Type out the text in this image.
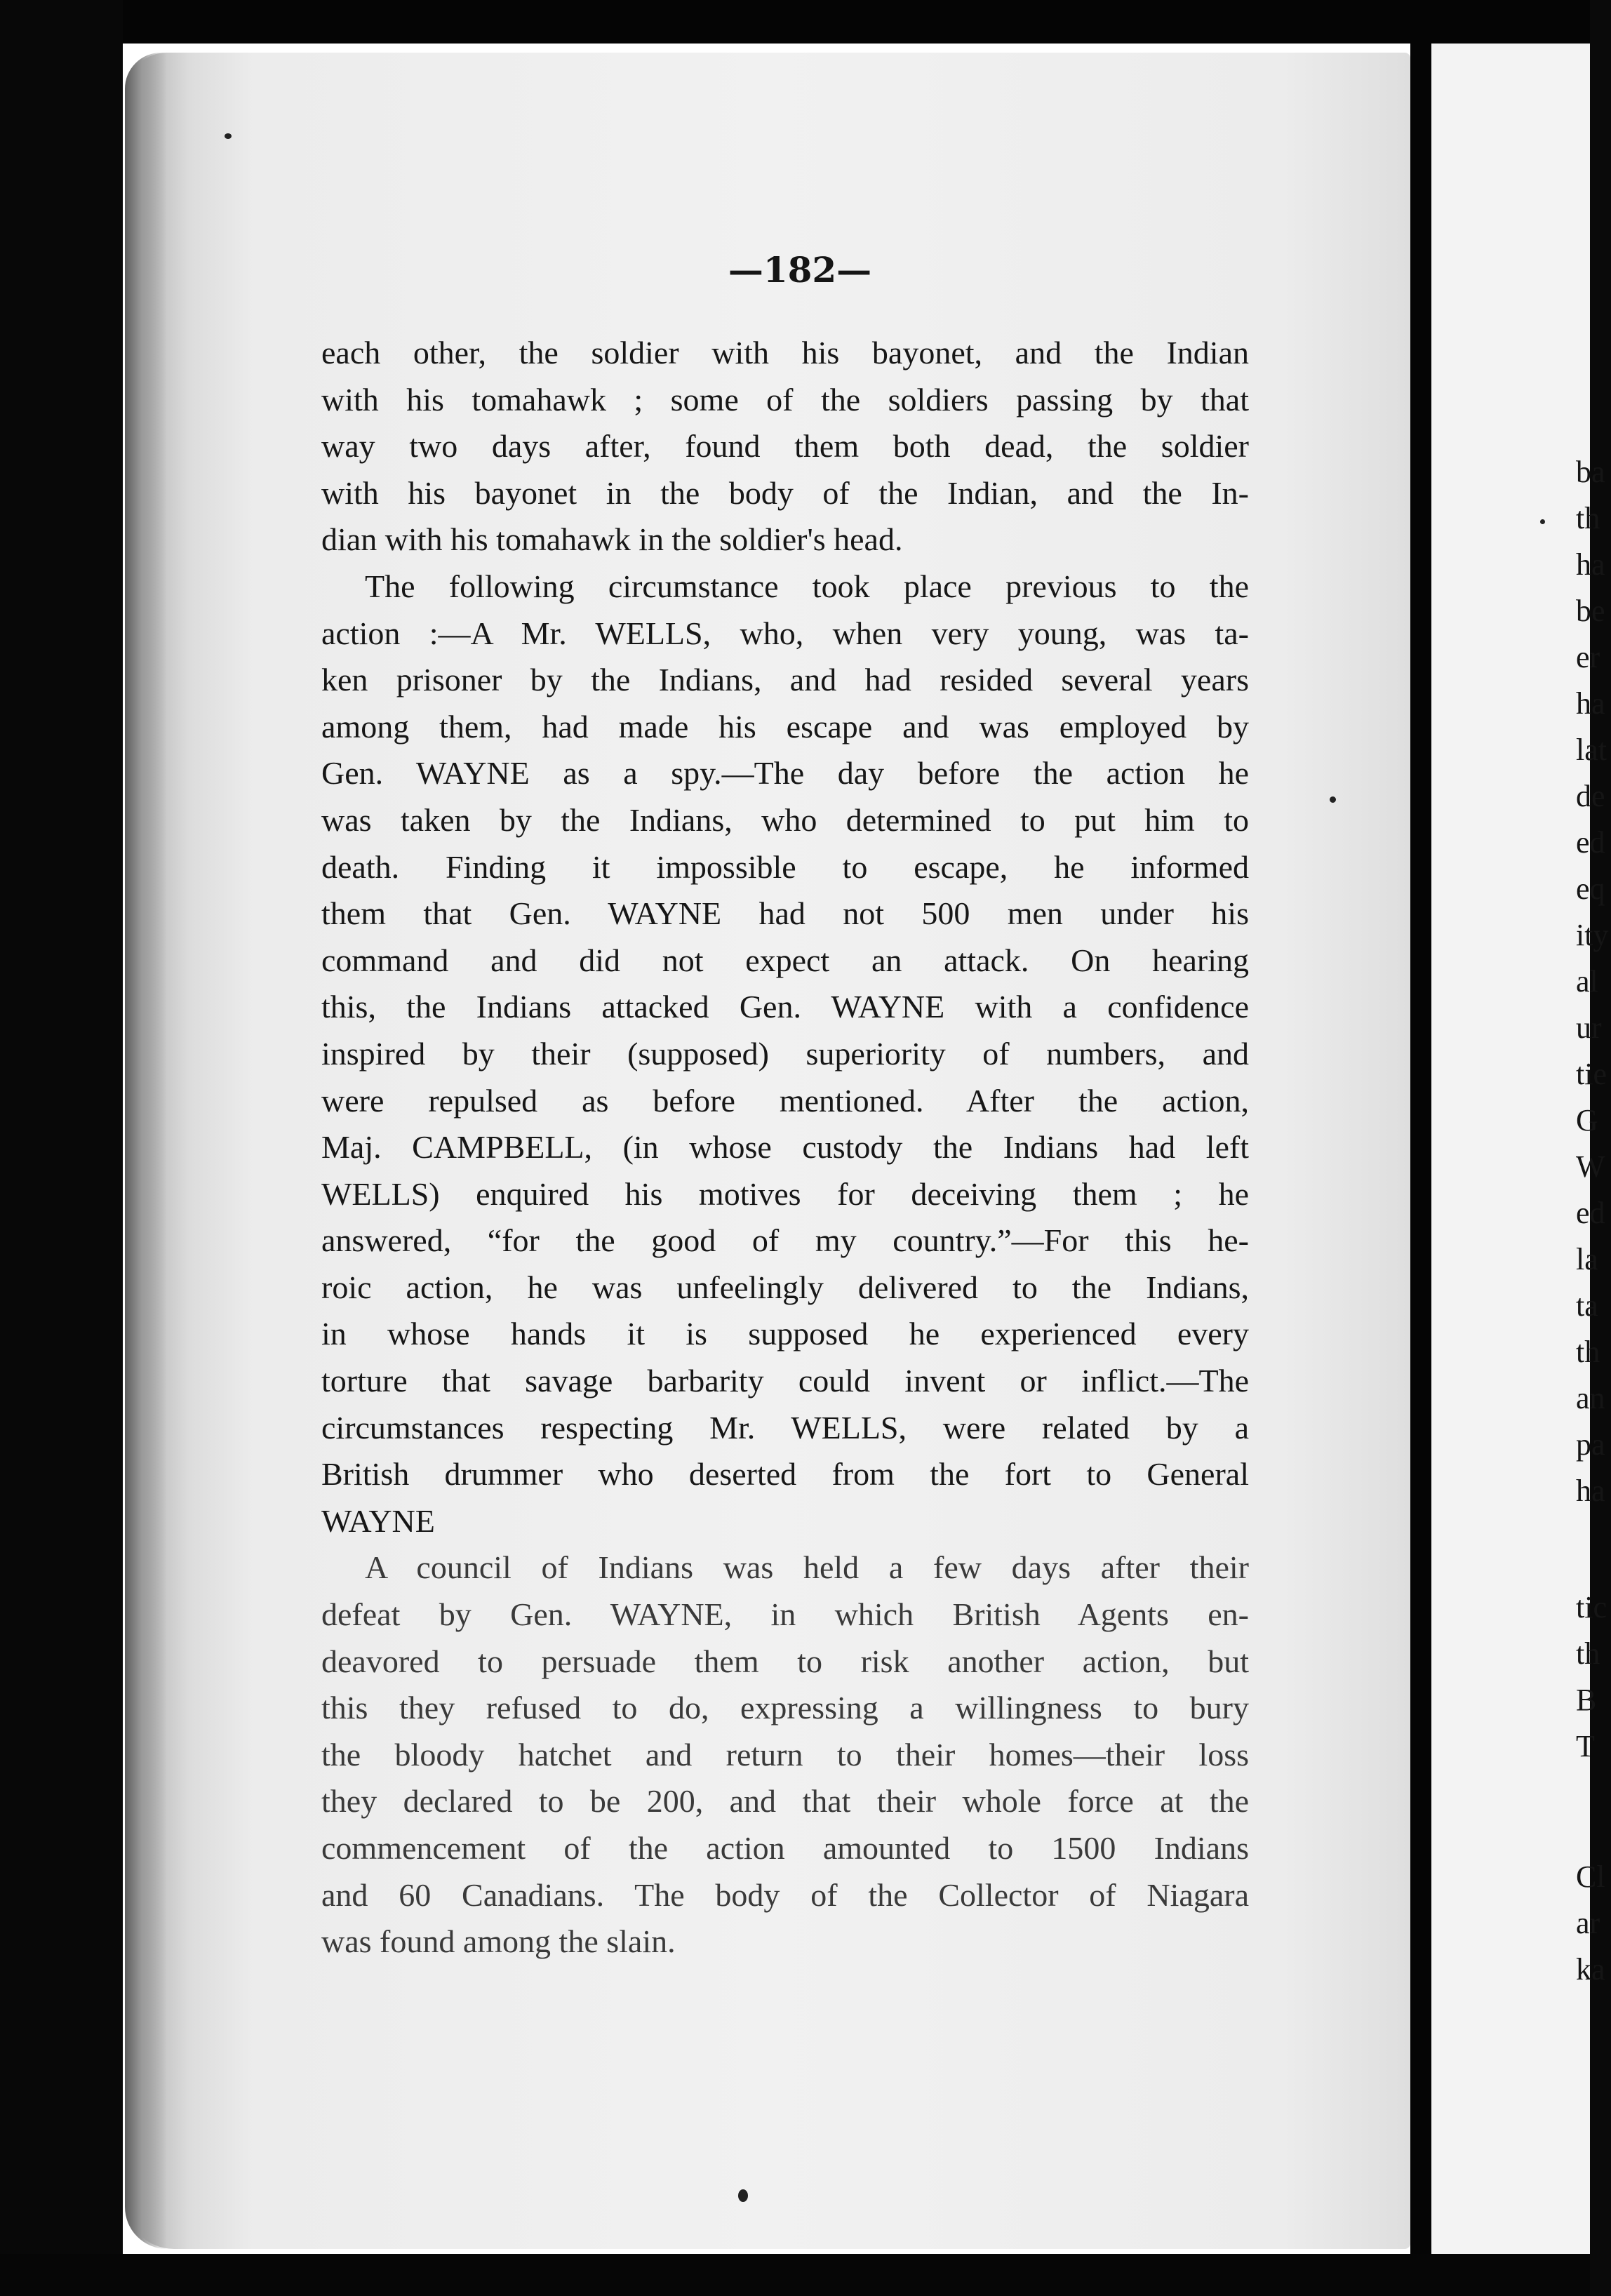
—182—

each other, the soldier with his bayonet, and the Indian
with his tomahawk ; some of the soldiers passing by that
way two days after, found them both dead, the soldier
with his bayonet in the body of the Indian, and the In-
dian with his tomahawk in the soldier's head.
The following circumstance took place previous to the
action :—A Mr. WELLS, who, when very young, was ta-
ken prisoner by the Indians, and had resided several years
among them, had made his escape and was employed by
Gen. WAYNE as a spy.—The day before the action he
was taken by the Indians, who determined to put him to
death. Finding it impossible to escape, he informed
them that Gen. WAYNE had not 500 men under his
command and did not expect an attack. On hearing
this, the Indians attacked Gen. WAYNE with a confidence
inspired by their (supposed) superiority of numbers, and
were repulsed as before mentioned. After the action,
Maj. CAMPBELL, (in whose custody the Indians had left
WELLS) enquired his motives for deceiving them ; he
answered, “for the good of my country.”—For this he-
roic action, he was unfeelingly delivered to the Indians,
in whose hands it is supposed he experienced every
torture that savage barbarity could invent or inflict.—The
circumstances respecting Mr. WELLS, were related by a
British drummer who deserted from the fort to General
WAYNE
A council of Indians was held a few days after their
defeat by Gen. WAYNE, in which British Agents en-
deavored to persuade them to risk another action, but
this they refused to do, expressing a willingness to bury
the bloody hatchet and return to their homes—their loss
they declared to be 200, and that their whole force at the
commencement of the action amounted to 1500 Indians
and 60 Canadians. The body of the Collector of Niagara
was found among the slain.
ba
th
ha
be
er
ha
lat
de
ed
eq
ity
al
ur
tie
G
W
ed
la
ta
th
an
pa
ha
tic
th
B
T
Cl
ar
ka
